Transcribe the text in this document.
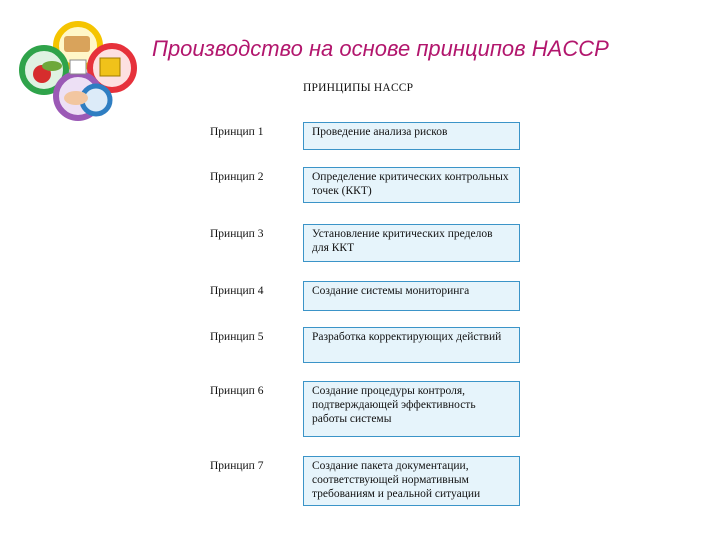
Производство на основе принципов HACCP
ПРИНЦИПЫ HACCP
Принцип 1	Проведение анализа рисков
Принцип 2	Определение критических контрольных точек (ККТ)
Принцип 3	Установление критических пределов для ККТ
Принцип 4	Создание системы мониторинга
Принцип 5	Разработка корректирующих действий
Принцип 6	Создание процедуры контроля, подтверждающей эффективность работы системы
Принцип 7	Создание пакета документации, соответствующей нормативным требованиям и реальной ситуации
